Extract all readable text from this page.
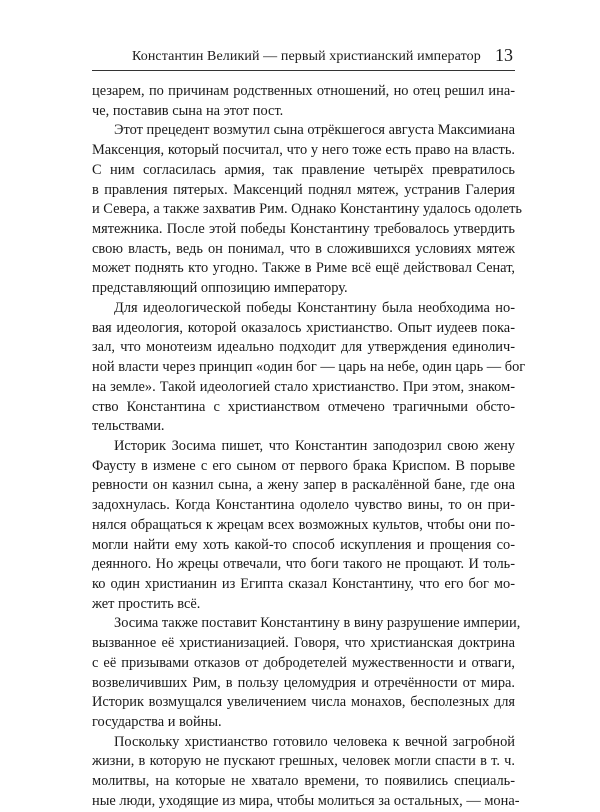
Константин Великий — первый христианский император 13
цезарем, по причинам родственных отношений, но отец решил ина-
че, поставив сына на этот пост.
Этот прецедент возмутил сына отрёкшегося августа Максимиана
Максенция, который посчитал, что у него тоже есть право на власть.
С ним согласилась армия, так правление четырёх превратилось
в правления пятерых. Максенций поднял мятеж, устранив Галерия
и Севера, а также захватив Рим. Однако Константину удалось одолеть
мятежника. После этой победы Константину требовалось утвердить
свою власть, ведь он понимал, что в сложившихся условиях мятеж
может поднять кто угодно. Также в Риме всё ещё действовал Сенат,
представляющий оппозицию императору.
Для идеологической победы Константину была необходима но-
вая идеология, которой оказалось христианство. Опыт иудеев пока-
зал, что монотеизм идеально подходит для утверждения единолич-
ной власти через принцип «один бог — царь на небе, один царь — бог
на земле». Такой идеологией стало христианство. При этом, знаком-
ство Константина с христианством отмечено трагичными обсто-
тельствами.
Историк Зосима пишет, что Константин заподозрил свою жену
Фаусту в измене с его сыном от первого брака Криспом. В порыве
ревности он казнил сына, а жену запер в раскалённой бане, где она
задохнулась. Когда Константина одолело чувство вины, то он при-
нялся обращаться к жрецам всех возможных культов, чтобы они по-
могли найти ему хоть какой-то способ искупления и прощения со-
деянного. Но жрецы отвечали, что боги такого не прощают. И толь-
ко один христианин из Египта сказал Константину, что его бог мо-
жет простить всё.
Зосима также поставит Константину в вину разрушение империи,
вызванное её христианизацией. Говоря, что христианская доктрина
с её призывами отказов от добродетелей мужественности и отваги,
возвеличивших Рим, в пользу целомудрия и отречённости от мира.
Историк возмущался увеличением числа монахов, бесполезных для
государства и войны.
Поскольку христианство готовило человека к вечной загробной
жизни, в которую не пускают грешных, человек могли спасти в т. ч.
молитвы, на которые не хватало времени, то появились специаль-
ные люди, уходящие из мира, чтобы молиться за остальных, — мона-
